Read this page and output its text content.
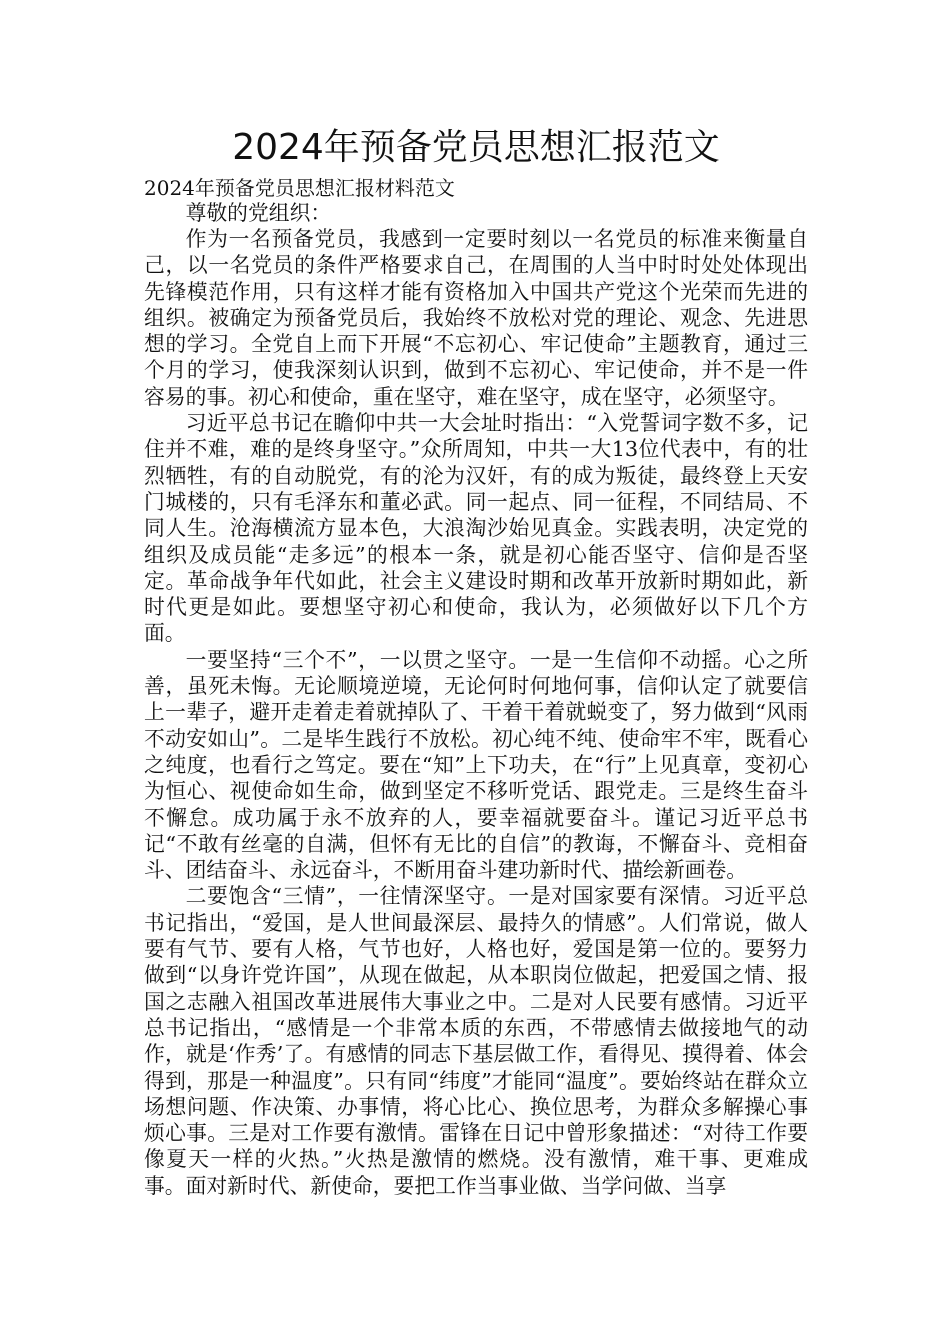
2024年预备党员思想汇报范文

2024年预备党员思想汇报材料范文

尊敬的党组织：

作为一名预备党员，我感到一定要时刻以一名党员的标准来衡量自己，以一名党员的条件严格要求自己，在周围的人当中时时处处体现出先锋模范作用，只有这样才能有资格加入中国共产党这个光荣而先进的组织。被确定为预备党员后，我始终不放松对党的理论、观念、先进思想的学习。全党自上而下开展“不忘初心、牢记使命”主题教育，通过三个月的学习，使我深刻认识到，做到不忘初心、牢记使命，并不是一件容易的事。初心和使命，重在坚守，难在坚守，成在坚守，必须坚守。

习近平总书记在瞻仰中共一大会址时指出：“入党誓词字数不多，记住并不难，难的是终身坚守。”众所周知，中共一大13位代表中，有的壮烈牺牲，有的自动脱党，有的沦为汉奸，有的成为叛徒，最终登上天安门城楼的，只有毛泽东和董必武。同一起点、同一征程，不同结局、不同人生。沧海横流方显本色，大浪淘沙始见真金。实践表明，决定党的组织及成员能“走多远”的根本一条，就是初心能否坚守、信仰是否坚定。革命战争年代如此，社会主义建设时期和改革开放新时期如此，新时代更是如此。要想坚守初心和使命，我认为，必须做好以下几个方面。

一要坚持“三个不”，一以贯之坚守。一是一生信仰不动摇。心之所善，虽死未悔。无论顺境逆境，无论何时何地何事，信仰认定了就要信上一辈子，避开走着走着就掉队了、干着干着就蜕变了，努力做到“风雨不动安如山”。二是毕生践行不放松。初心纯不纯、使命牢不牢，既看心之纯度，也看行之笃定。要在“知”上下功夫，在“行”上见真章，变初心为恒心、视使命如生命，做到坚定不移听党话、跟党走。三是终生奋斗不懈怠。成功属于永不放弃的人，要幸福就要奋斗。谨记习近平总书记“不敢有丝毫的自满，但怀有无比的自信”的教诲，不懈奋斗、竞相奋斗、团结奋斗、永远奋斗，不断用奋斗建功新时代、描绘新画卷。

二要饱含“三情”，一往情深坚守。一是对国家要有深情。习近平总书记指出，“爱国，是人世间最深层、最持久的情感”。人们常说，做人要有气节、要有人格，气节也好，人格也好，爱国是第一位的。要努力做到“以身许党许国”，从现在做起，从本职岗位做起，把爱国之情、报国之志融入祖国改革进展伟大事业之中。二是对人民要有感情。习近平总书记指出，“感情是一个非常本质的东西，不带感情去做接地气的动作，就是‘作秀’了。有感情的同志下基层做工作，看得见、摸得着、体会得到，那是一种温度”。只有同“纬度”才能同“温度”。要始终站在群众立场想问题、作决策、办事情，将心比心、换位思考，为群众多解操心事烦心事。三是对工作要有激情。雷锋在日记中曾形象描述：“对待工作要像夏天一样的火热。”火热是激情的燃烧。没有激情，难干事、更难成事。面对新时代、新使命，要把工作当事业做、当学问做、当享
